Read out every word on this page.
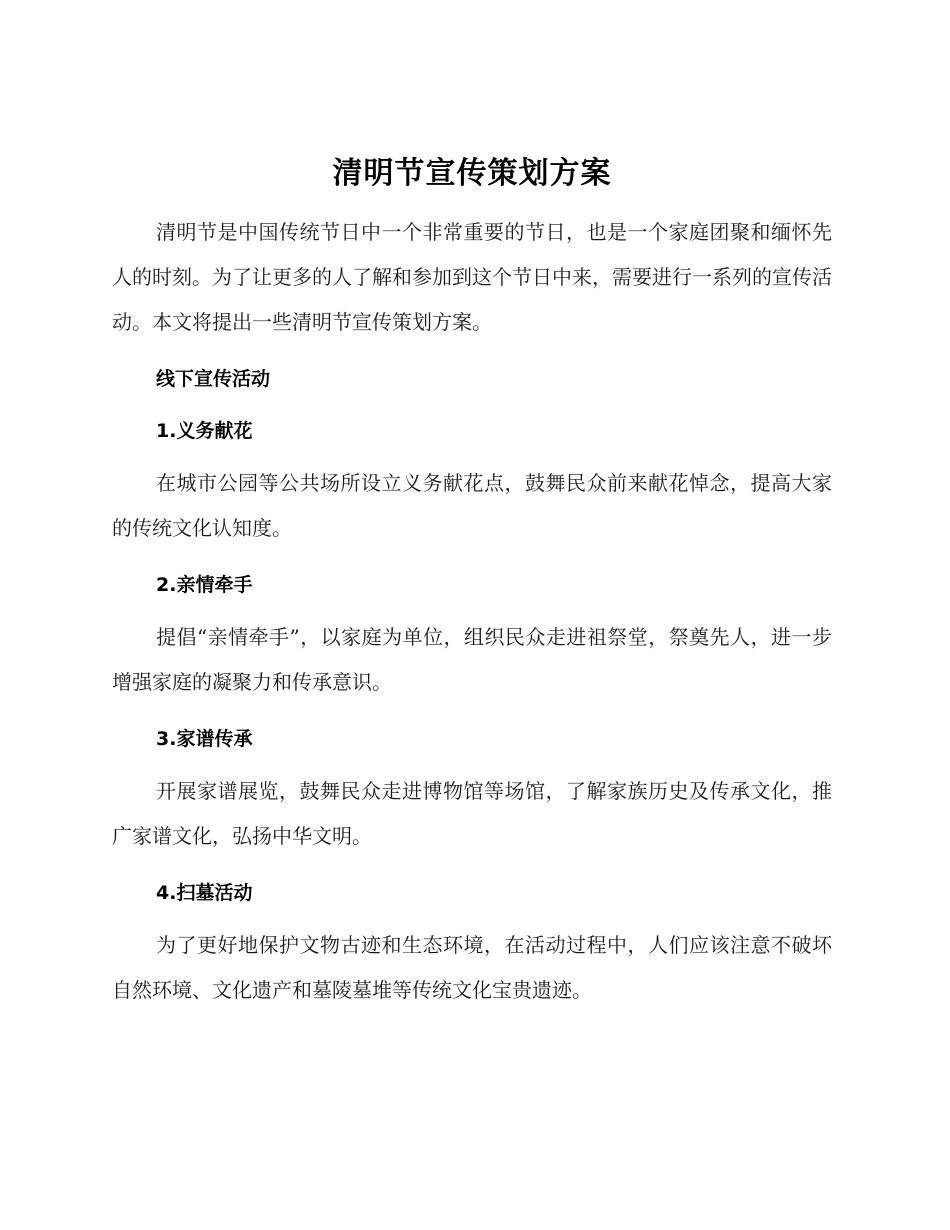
清明节宣传策划方案

清明节是中国传统节日中一个非常重要的节日，也是一个家庭团聚和缅怀先人的时刻。为了让更多的人了解和参加到这个节日中来，需要进行一系列的宣传活动。本文将提出一些清明节宣传策划方案。

线下宣传活动
1.义务献花

在城市公园等公共场所设立义务献花点，鼓舞民众前来献花悼念，提高大家的传统文化认知度。

2.亲情牵手

提倡“亲情牵手”，以家庭为单位，组织民众走进祖祭堂，祭奠先人，进一步增强家庭的凝聚力和传承意识。

3.家谱传承

开展家谱展览，鼓舞民众走进博物馆等场馆，了解家族历史及传承文化，推广家谱文化，弘扬中华文明。

4.扫墓活动

为了更好地保护文物古迹和生态环境，在活动过程中，人们应该注意不破坏自然环境、文化遗产和墓陵墓堆等传统文化宝贵遗迹。
